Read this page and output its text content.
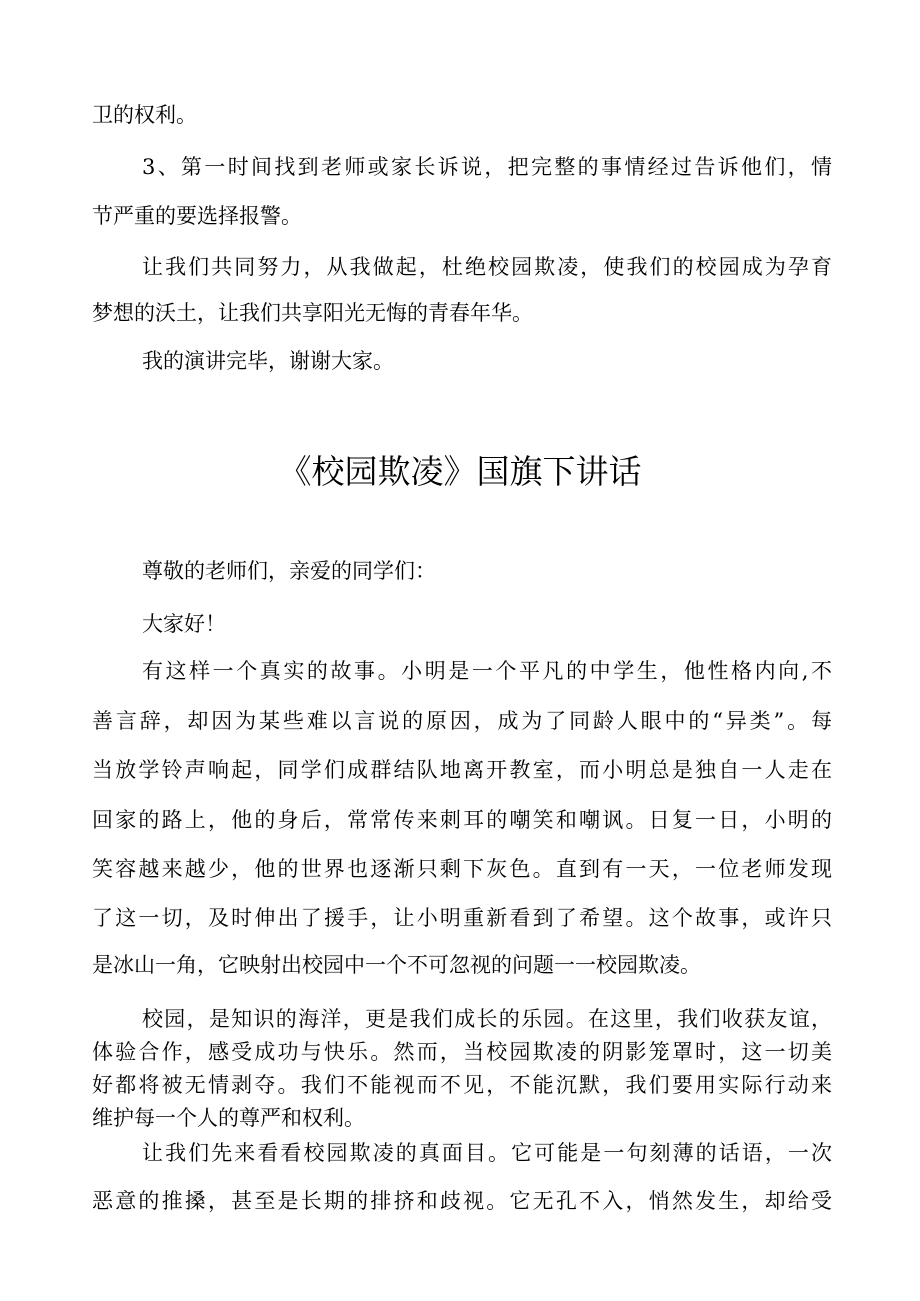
卫的权利。
3、第一时间找到老师或家长诉说，把完整的事情经过告诉他们，情
节严重的要选择报警。
让我们共同努力，从我做起，杜绝校园欺凌，使我们的校园成为孕育
梦想的沃土，让我们共享阳光无悔的青春年华。
我的演讲完毕，谢谢大家。
《校园欺凌》国旗下讲话
尊敬的老师们，亲爱的同学们：
大家好！
有这样一个真实的故事。小明是一个平凡的中学生，他性格内向,不
善言辞，却因为某些难以言说的原因，成为了同龄人眼中的“异类”。每
当放学铃声响起，同学们成群结队地离开教室，而小明总是独自一人走在
回家的路上，他的身后，常常传来刺耳的嘲笑和嘲讽。日复一日，小明的
笑容越来越少，他的世界也逐渐只剩下灰色。直到有一天，一位老师发现
了这一切，及时伸出了援手，让小明重新看到了希望。这个故事，或许只
是冰山一角，它映射出校园中一个不可忽视的问题一一校园欺凌。
校园，是知识的海洋，更是我们成长的乐园。在这里，我们收获友谊，
体验合作，感受成功与快乐。然而，当校园欺凌的阴影笼罩时，这一切美
好都将被无情剥夺。我们不能视而不见，不能沉默，我们要用实际行动来
维护每一个人的尊严和权利。
让我们先来看看校园欺凌的真面目。它可能是一句刻薄的话语，一次
恶意的推搡，甚至是长期的排挤和歧视。它无孔不入，悄然发生，却给受
